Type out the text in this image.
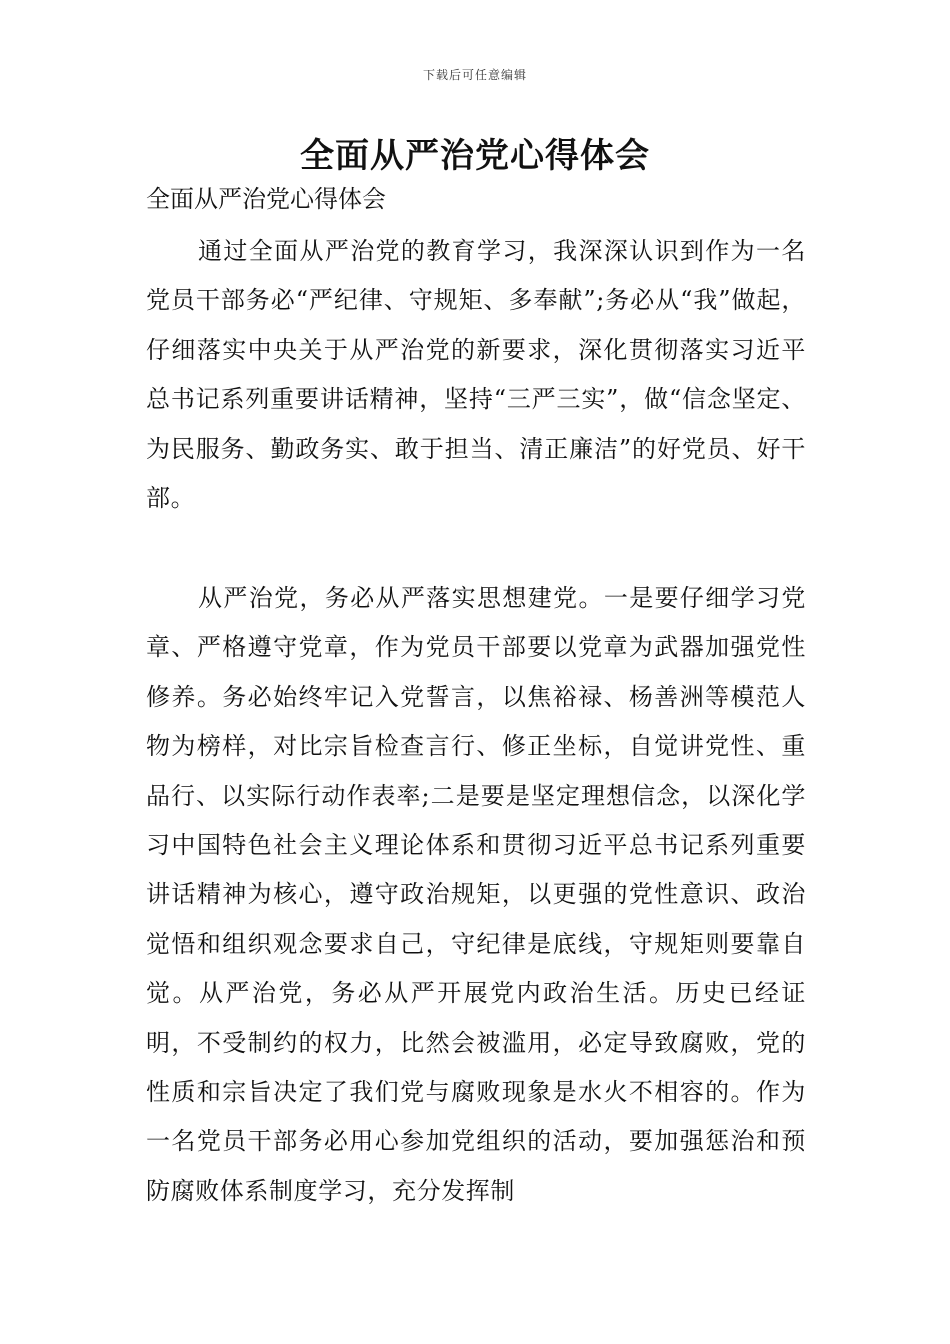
下载后可任意编辑
全面从严治党心得体会
全面从严治党心得体会

通过全面从严治党的教育学习，我深深认识到作为一名党员干部务必“严纪律、守规矩、多奉献”;务必从“我”做起，仔细落实中央关于从严治党的新要求，深化贯彻落实习近平总书记系列重要讲话精神，坚持“三严三实”，做“信念坚定、为民服务、勤政务实、敢于担当、清正廉洁”的好党员、好干部。

从严治党，务必从严落实思想建党。一是要仔细学习党章、严格遵守党章，作为党员干部要以党章为武器加强党性修养。务必始终牢记入党誓言，以焦裕禄、杨善洲等模范人物为榜样，对比宗旨检查言行、修正坐标，自觉讲党性、重品行、以实际行动作表率;二是要是坚定理想信念，以深化学习中国特色社会主义理论体系和贯彻习近平总书记系列重要讲话精神为核心，遵守政治规矩，以更强的党性意识、政治觉悟和组织观念要求自己，守纪律是底线，守规矩则要靠自觉。从严治党，务必从严开展党内政治生活。历史已经证明，不受制约的权力，比然会被滥用，必定导致腐败，党的性质和宗旨决定了我们党与腐败现象是水火不相容的。作为一名党员干部务必用心参加党组织的活动，要加强惩治和预防腐败体系制度学习，充分发挥制
